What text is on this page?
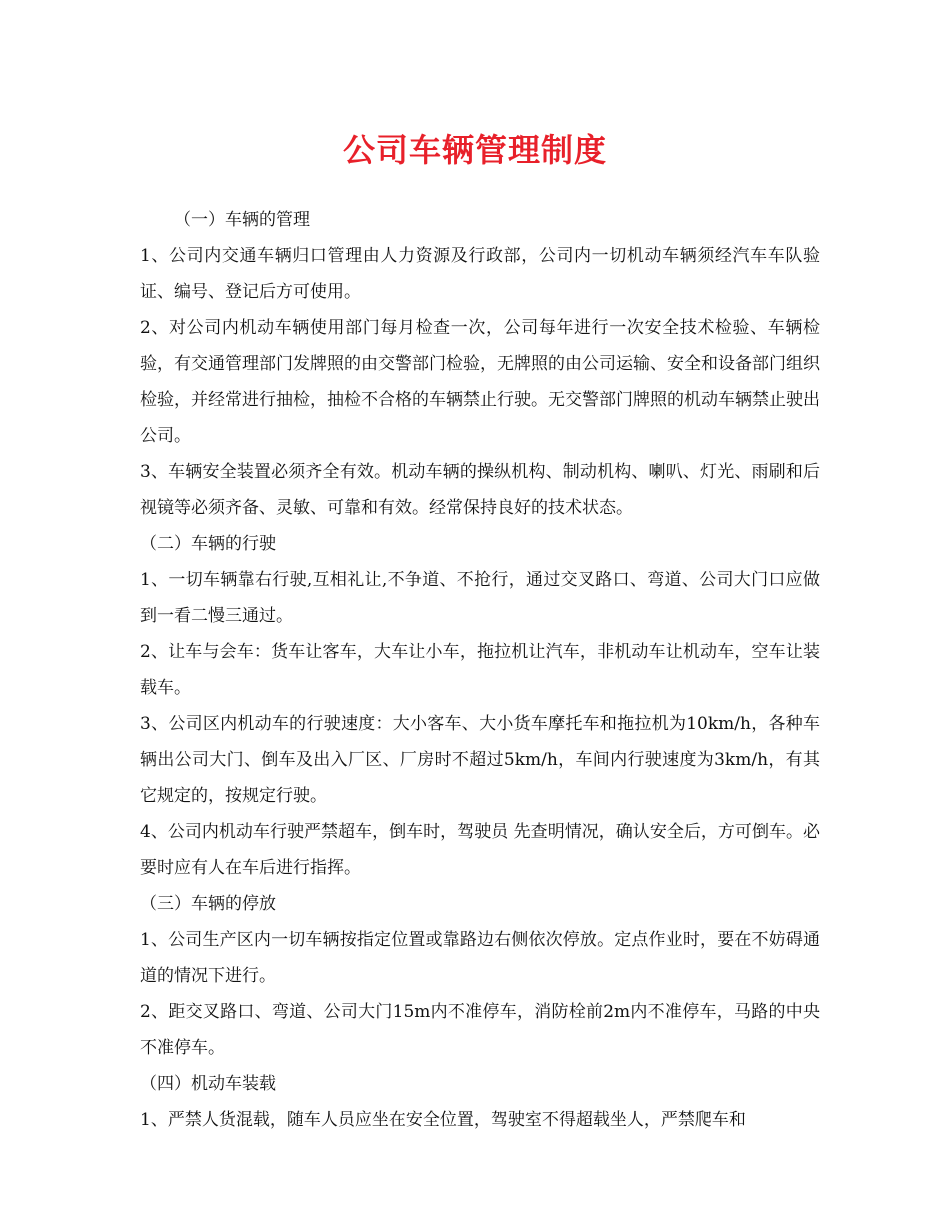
公司车辆管理制度

（一）车辆的管理

1、公司内交通车辆归口管理由人力资源及行政部，公司内一切机动车辆须经汽车车队验证、编号、登记后方可使用。

2、对公司内机动车辆使用部门每月检查一次，公司每年进行一次安全技术检验、车辆检验，有交通管理部门发牌照的由交警部门检验，无牌照的由公司运输、安全和设备部门组织检验，并经常进行抽检，抽检不合格的车辆禁止行驶。无交警部门牌照的机动车辆禁止驶出公司。

3、车辆安全装置必须齐全有效。机动车辆的操纵机构、制动机构、喇叭、灯光、雨刷和后视镜等必须齐备、灵敏、可靠和有效。经常保持良好的技术状态。

（二）车辆的行驶

1、一切车辆靠右行驶,互相礼让,不争道、不抢行，通过交叉路口、弯道、公司大门口应做到一看二慢三通过。

2、让车与会车：货车让客车，大车让小车，拖拉机让汽车，非机动车让机动车，空车让装载车。

3、公司区内机动车的行驶速度：大小客车、大小货车摩托车和拖拉机为10km/h，各种车辆出公司大门、倒车及出入厂区、厂房时不超过5km/h，车间内行驶速度为3km/h，有其它规定的，按规定行驶。

4、公司内机动车行驶严禁超车，倒车时，驾驶员 先查明情况，确认安全后，方可倒车。必要时应有人在车后进行指挥。

（三）车辆的停放

1、公司生产区内一切车辆按指定位置或靠路边右侧依次停放。定点作业时，要在不妨碍通道的情况下进行。

2、距交叉路口、弯道、公司大门15m内不准停车，消防栓前2m内不准停车，马路的中央不准停车。

（四）机动车装载

1、严禁人货混载，随车人员应坐在安全位置，驾驶室不得超载坐人，严禁爬车和
